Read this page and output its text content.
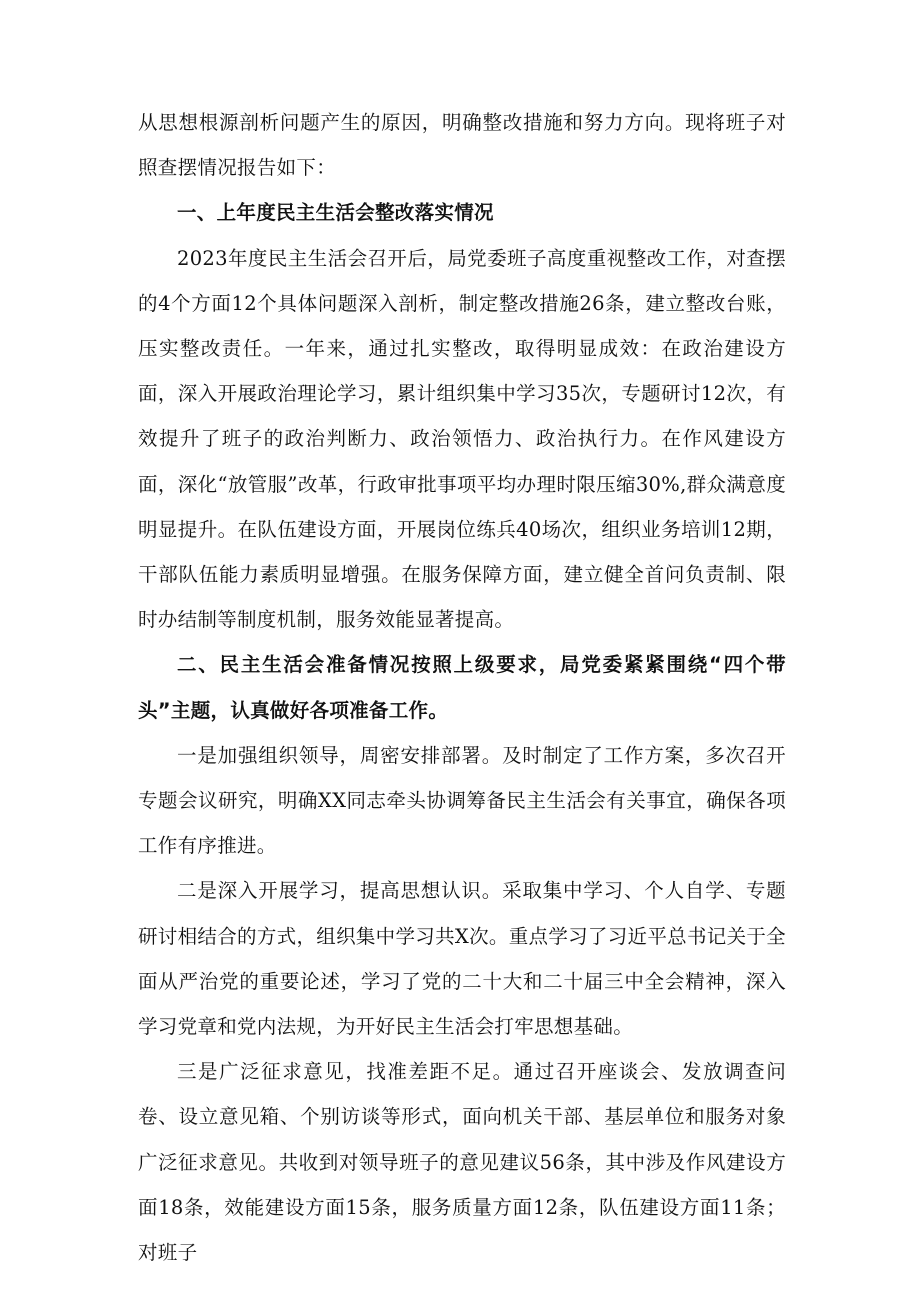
从思想根源剖析问题产生的原因，明确整改措施和努力方向。现将班子对照查摆情况报告如下：

一、上年度民主生活会整改落实情况

2023年度民主生活会召开后，局党委班子高度重视整改工作，对查摆的4个方面12个具体问题深入剖析，制定整改措施26条，建立整改台账，压实整改责任。一年来，通过扎实整改，取得明显成效：在政治建设方面，深入开展政治理论学习，累计组织集中学习35次，专题研讨12次，有效提升了班子的政治判断力、政治领悟力、政治执行力。在作风建设方面，深化“放管服”改革，行政审批事项平均办理时限压缩30%,群众满意度明显提升。在队伍建设方面，开展岗位练兵40场次，组织业务培训12期，干部队伍能力素质明显增强。在服务保障方面，建立健全首问负责制、限时办结制等制度机制，服务效能显著提高。

二、民主生活会准备情况按照上级要求，局党委紧紧围绕“四个带头”主题，认真做好各项准备工作。

一是加强组织领导，周密安排部署。及时制定了工作方案，多次召开专题会议研究，明确XX同志牵头协调筹备民主生活会有关事宜，确保各项工作有序推进。

二是深入开展学习，提高思想认识。采取集中学习、个人自学、专题研讨相结合的方式，组织集中学习共X次。重点学习了习近平总书记关于全面从严治党的重要论述，学习了党的二十大和二十届三中全会精神，深入学习党章和党内法规，为开好民主生活会打牢思想基础。

三是广泛征求意见，找准差距不足。通过召开座谈会、发放调查问卷、设立意见箱、个别访谈等形式，面向机关干部、基层单位和服务对象广泛征求意见。共收到对领导班子的意见建议56条，其中涉及作风建设方面18条，效能建设方面15条，服务质量方面12条，队伍建设方面11条；对班子
